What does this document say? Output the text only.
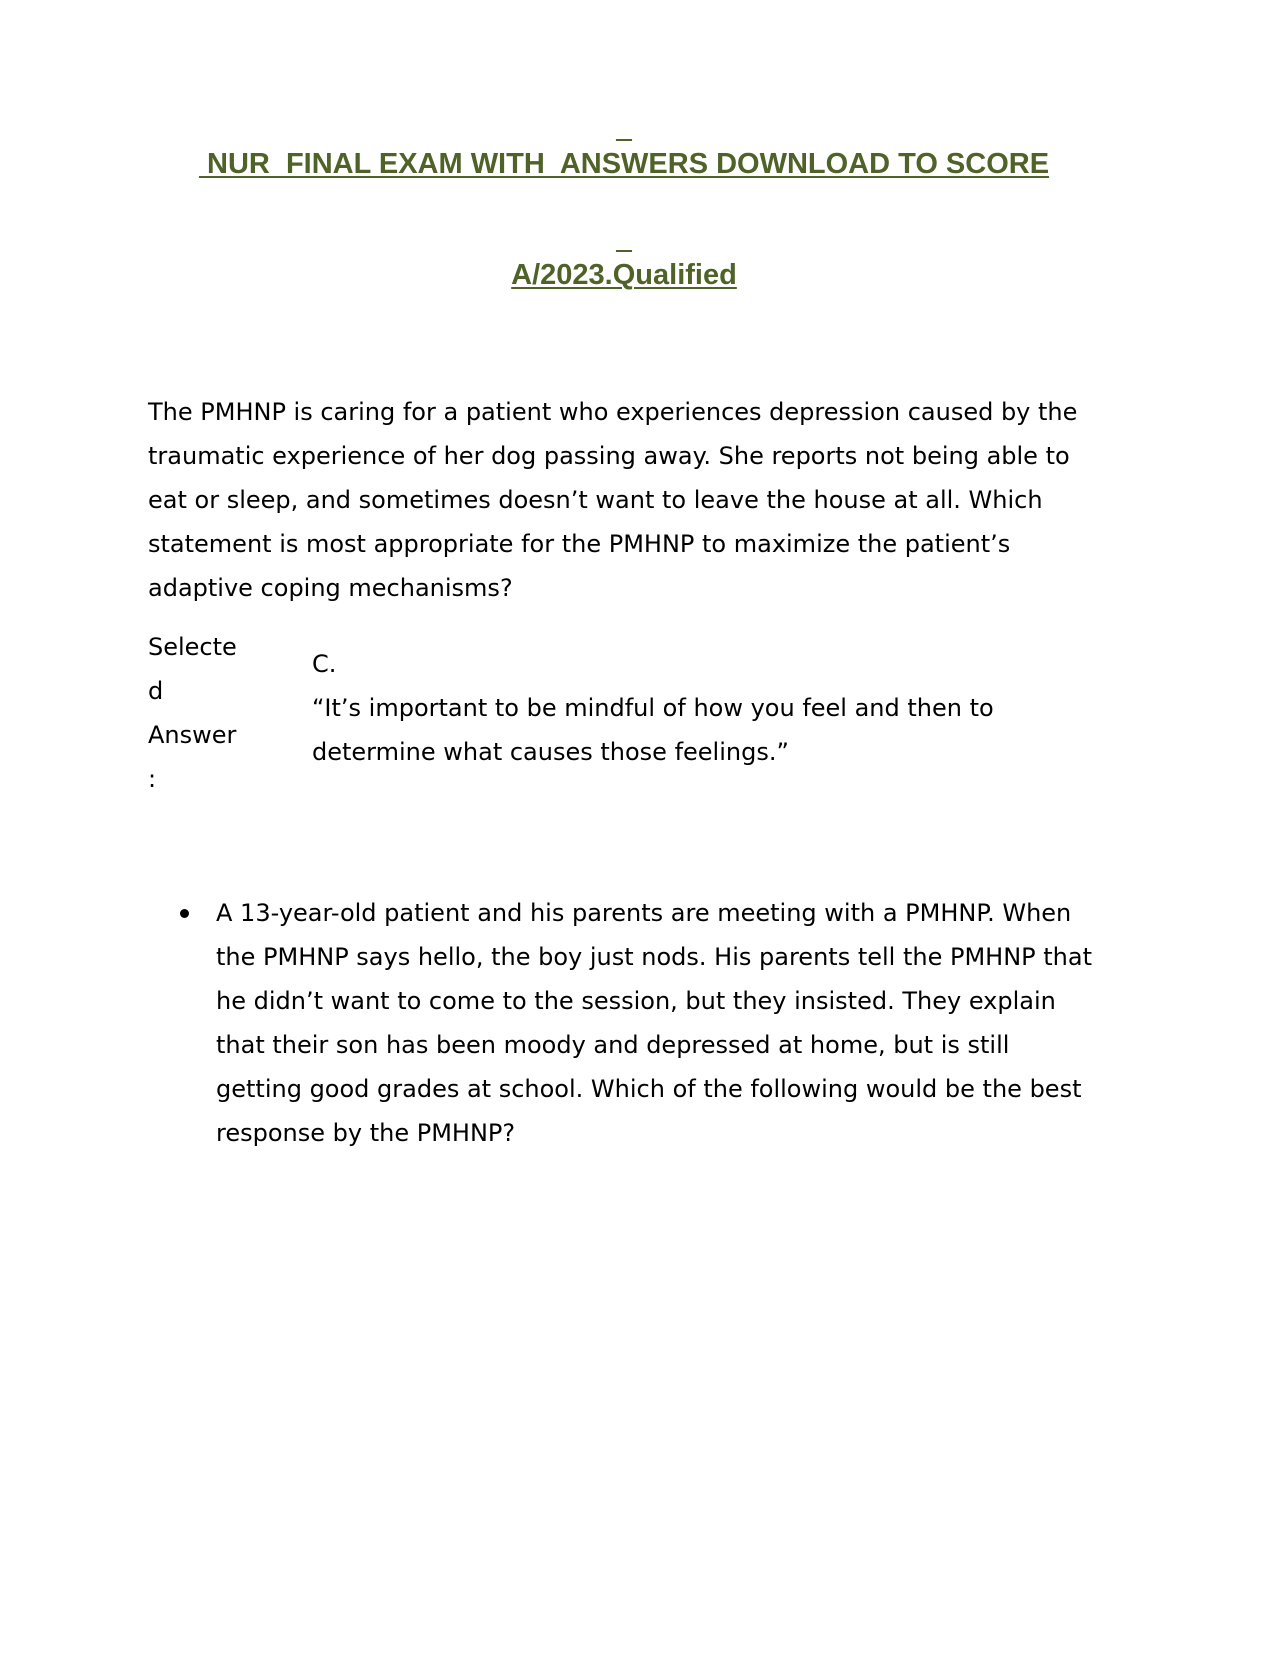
NUR  FINAL EXAM WITH  ANSWERS DOWNLOAD TO SCORE

A/2023.Qualified

The PMHNP is caring for a patient who experiences depression caused by the traumatic experience of her dog passing away. She reports not being able to eat or sleep, and sometimes doesn’t want to leave the house at all. Which statement is most appropriate for the PMHNP to maximize the patient’s adaptive coping mechanisms?

Selecte
d
Answer
:
C.
“It’s important to be mindful of how you feel and then to determine what causes those feelings.”
A 13-year-old patient and his parents are meeting with a PMHNP. When the PMHNP says hello, the boy just nods. His parents tell the PMHNP that he didn’t want to come to the session, but they insisted. They explain that their son has been moody and depressed at home, but is still getting good grades at school. Which of the following would be the best response by the PMHNP?
